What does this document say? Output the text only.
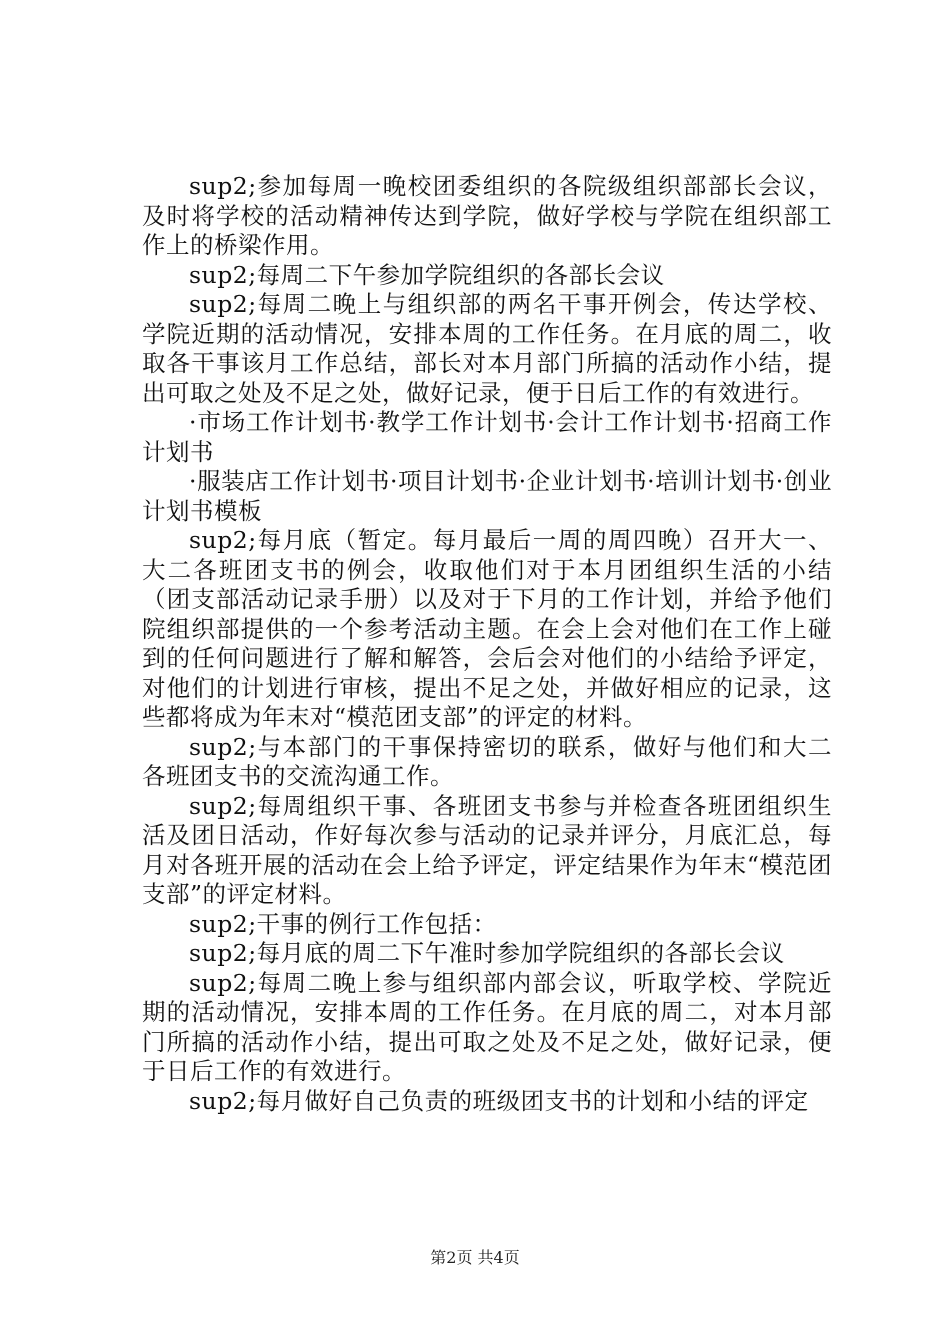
sup2;参加每周一晚校团委组织的各院级组织部部长会议，及时将学校的活动精神传达到学院，做好学校与学院在组织部工作上的桥梁作用。

sup2;每周二下午参加学院组织的各部长会议

sup2;每周二晚上与组织部的两名干事开例会，传达学校、学院近期的活动情况，安排本周的工作任务。在月底的周二，收取各干事该月工作总结，部长对本月部门所搞的活动作小结，提出可取之处及不足之处，做好记录，便于日后工作的有效进行。

·市场工作计划书·教学工作计划书·会计工作计划书·招商工作计划书

·服装店工作计划书·项目计划书·企业计划书·培训计划书·创业计划书模板

sup2;每月底（暂定。每月最后一周的周四晚）召开大一、大二各班团支书的例会，收取他们对于本月团组织生活的小结（团支部活动记录手册）以及对于下月的工作计划，并给予他们院组织部提供的一个参考活动主题。在会上会对他们在工作上碰到的任何问题进行了解和解答，会后会对他们的小结给予评定，对他们的计划进行审核，提出不足之处，并做好相应的记录，这些都将成为年末对“模范团支部”的评定的材料。

sup2;与本部门的干事保持密切的联系，做好与他们和大二各班团支书的交流沟通工作。

sup2;每周组织干事、各班团支书参与并检查各班团组织生活及团日活动，作好每次参与活动的记录并评分，月底汇总，每月对各班开展的活动在会上给予评定，评定结果作为年末“模范团支部”的评定材料。

sup2;干事的例行工作包括：

sup2;每月底的周二下午准时参加学院组织的各部长会议

sup2;每周二晚上参与组织部内部会议，听取学校、学院近期的活动情况，安排本周的工作任务。在月底的周二，对本月部门所搞的活动作小结，提出可取之处及不足之处，做好记录，便于日后工作的有效进行。

sup2;每月做好自己负责的班级团支书的计划和小结的评定

第2页 共4页
